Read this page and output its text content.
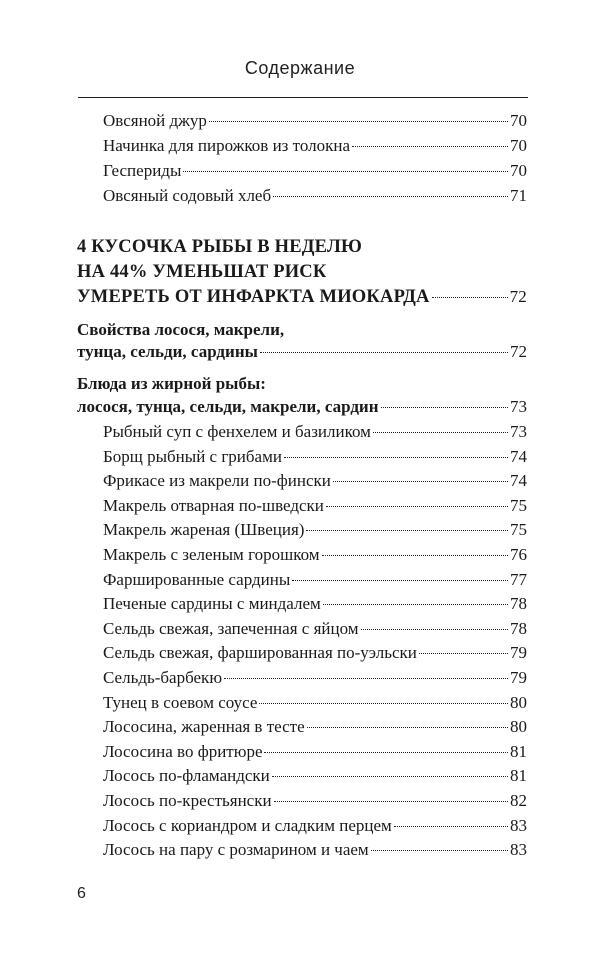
Содержание
Овсяной джур	70
Начинка для пирожков из толокна	70
Геспериды	70
Овсяный содовый хлеб	71
4 КУСОЧКА РЫБЫ В НЕДЕЛЮ
НА 44% УМЕНЬШАТ РИСК
УМЕРЕТЬ ОТ ИНФАРКТА МИОКАРДА	72
Свойства лосося, макрели,
тунца, сельди, сардины	72
Блюда из жирной рыбы:
лосося, тунца, сельди, макрели, сардин	73
Рыбный суп с фенхелем и базиликом	73
Борщ рыбный с грибами	74
Фрикасе из макрели по-фински	74
Макрель отварная по-шведски	75
Макрель жареная (Швеция)	75
Макрель с зеленым горошком	76
Фаршированные сардины	77
Печеные сардины с миндалем	78
Сельдь свежая, запеченная с яйцом	78
Сельдь свежая, фаршированная по-уэльски	79
Сельдь-барбекю	79
Тунец в соевом соусе	80
Лососина, жаренная в тесте	80
Лососина во фритюре	81
Лосось по-фламандски	81
Лосось по-крестьянски	82
Лосось с кориандром и сладким перцем	83
Лосось на пару с розмарином и чаем	83
6
